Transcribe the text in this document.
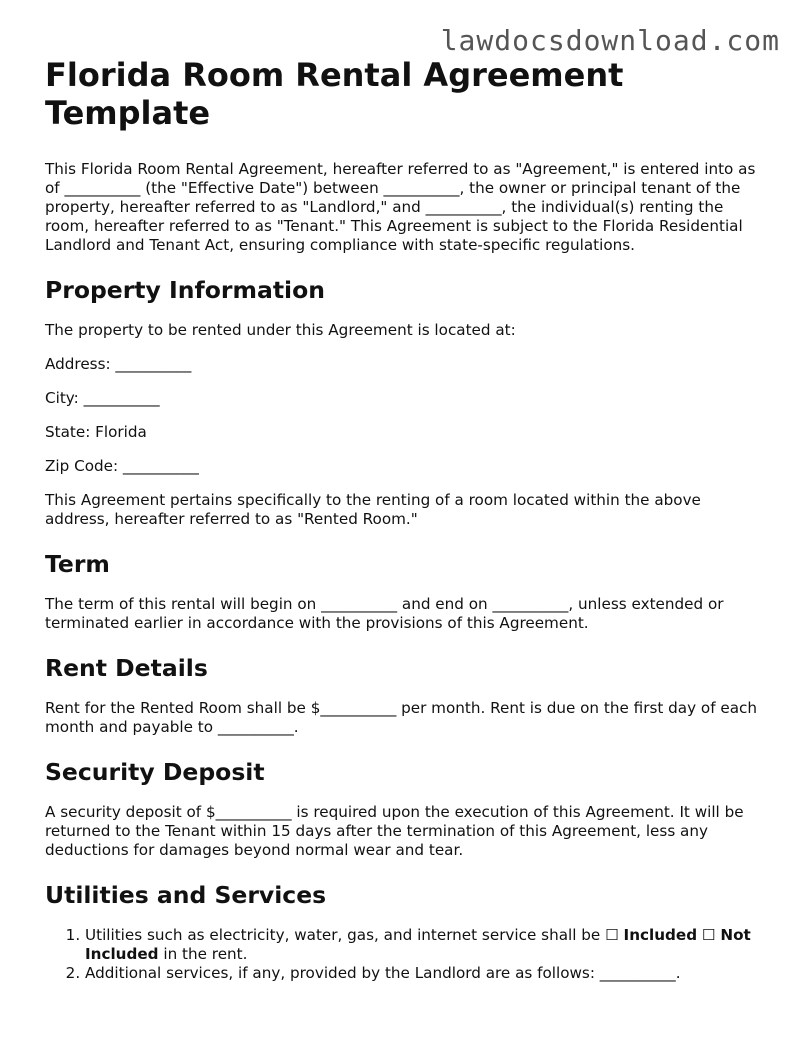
lawdocsdownload.com
Florida Room Rental Agreement Template

This Florida Room Rental Agreement, hereafter referred to as "Agreement," is entered into as of __________ (the "Effective Date") between __________, the owner or principal tenant of the property, hereafter referred to as "Landlord," and __________, the individual(s) renting the room, hereafter referred to as "Tenant." This Agreement is subject to the Florida Residential Landlord and Tenant Act, ensuring compliance with state-specific regulations.

Property Information

The property to be rented under this Agreement is located at:

Address: __________

City: __________

State: Florida

Zip Code: __________

This Agreement pertains specifically to the renting of a room located within the above address, hereafter referred to as "Rented Room."

Term

The term of this rental will begin on __________ and end on __________, unless extended or terminated earlier in accordance with the provisions of this Agreement.

Rent Details

Rent for the Rented Room shall be $__________ per month. Rent is due on the first day of each month and payable to __________.

Security Deposit

A security deposit of $__________ is required upon the execution of this Agreement. It will be returned to the Tenant within 15 days after the termination of this Agreement, less any deductions for damages beyond normal wear and tear.

Utilities and Services
1. Utilities such as electricity, water, gas, and internet service shall be ☐ Included ☐ Not Included in the rent.
2. Additional services, if any, provided by the Landlord are as follows: __________.
